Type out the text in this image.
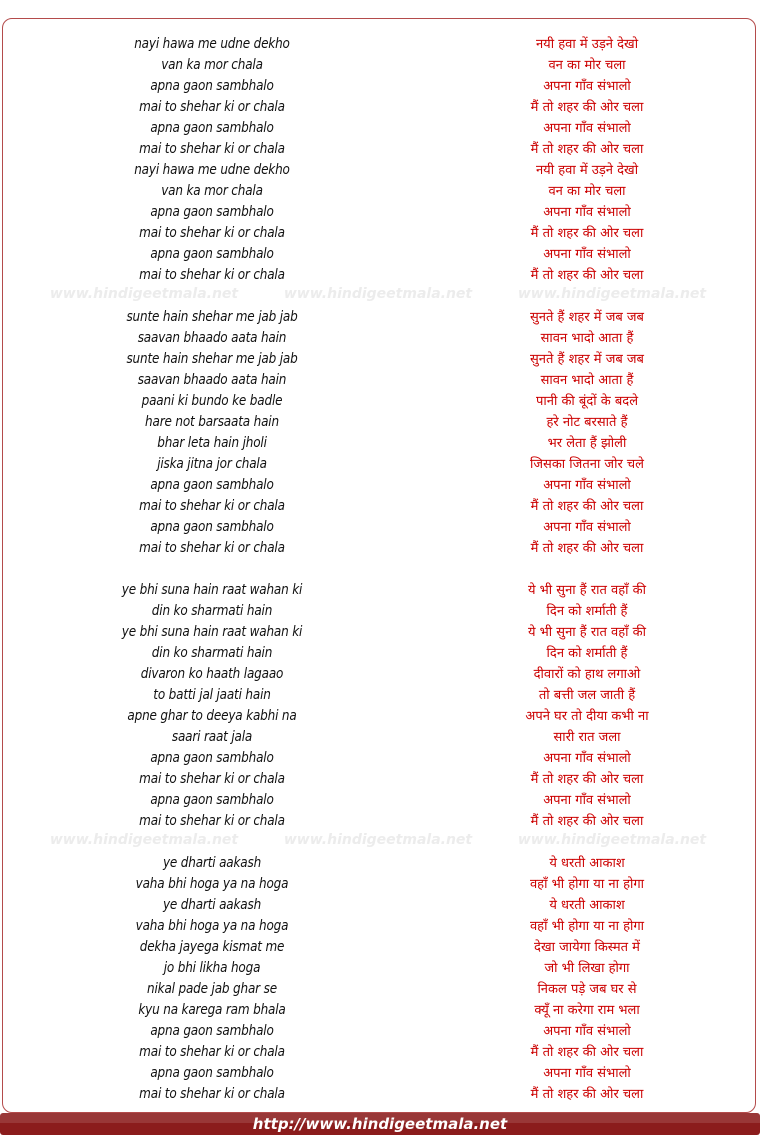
www.hindigeetmala.net	www.hindigeetmala.net	www.hindigeetmala.net
www.hindigeetmala.net	www.hindigeetmala.net	www.hindigeetmala.net
nayi hawa me udne dekho
van ka mor chala
apna gaon sambhalo
mai to shehar ki or chala
apna gaon sambhalo
mai to shehar ki or chala
nayi hawa me udne dekho
van ka mor chala
apna gaon sambhalo
mai to shehar ki or chala
apna gaon sambhalo
mai to shehar ki or chala
sunte hain shehar me jab jab
saavan bhaado aata hain
sunte hain shehar me jab jab
saavan bhaado aata hain
paani ki bundo ke badle
hare not barsaata hain
bhar leta hain jholi
jiska jitna jor chala
apna gaon sambhalo
mai to shehar ki or chala
apna gaon sambhalo
mai to shehar ki or chala
ye bhi suna hain raat wahan ki
din ko sharmati hain
ye bhi suna hain raat wahan ki
din ko sharmati hain
divaron ko haath lagaao
to batti jal jaati hain
apne ghar to deeya kabhi na
saari raat jala
apna gaon sambhalo
mai to shehar ki or chala
apna gaon sambhalo
mai to shehar ki or chala
ye dharti aakash
vaha bhi hoga ya na hoga
ye dharti aakash
vaha bhi hoga ya na hoga
dekha jayega kismat me
jo bhi likha hoga
nikal pade jab ghar se
kyu na karega ram bhala
apna gaon sambhalo
mai to shehar ki or chala
apna gaon sambhalo
mai to shehar ki or chala
नयी हवा में उड़ने देखो
वन का मोर चला
अपना गाँव संभालो
मैं तो शहर की ओर चला
अपना गाँव संभालो
मैं तो शहर की ओर चला
नयी हवा में उड़ने देखो
वन का मोर चला
अपना गाँव संभालो
मैं तो शहर की ओर चला
अपना गाँव संभालो
मैं तो शहर की ओर चला
सुनते हैं शहर में जब जब
सावन भादो आता हैं
सुनते हैं शहर में जब जब
सावन भादो आता हैं
पानी की बूंदों के बदले
हरे नोट बरसाते हैं
भर लेता हैं झोली
जिसका जितना जोर चले
अपना गाँव संभालो
मैं तो शहर की ओर चला
अपना गाँव संभालो
मैं तो शहर की ओर चला
ये भी सुना हैं रात वहाँ की
दिन को शर्माती हैं
ये भी सुना हैं रात वहाँ की
दिन को शर्माती हैं
दीवारों को हाथ लगाओ
तो बत्ती जल जाती हैं
अपने घर तो दीया कभी ना
सारी रात जला
अपना गाँव संभालो
मैं तो शहर की ओर चला
अपना गाँव संभालो
मैं तो शहर की ओर चला
ये धरती आकाश
वहाँ भी होगा या ना होगा
ये धरती आकाश
वहाँ भी होगा या ना होगा
देखा जायेगा किस्मत में
जो भी लिखा होगा
निकल पड़े जब घर से
क्यूँ ना करेगा राम भला
अपना गाँव संभालो
मैं तो शहर की ओर चला
अपना गाँव संभालो
मैं तो शहर की ओर चला
http://www.hindigeetmala.net
